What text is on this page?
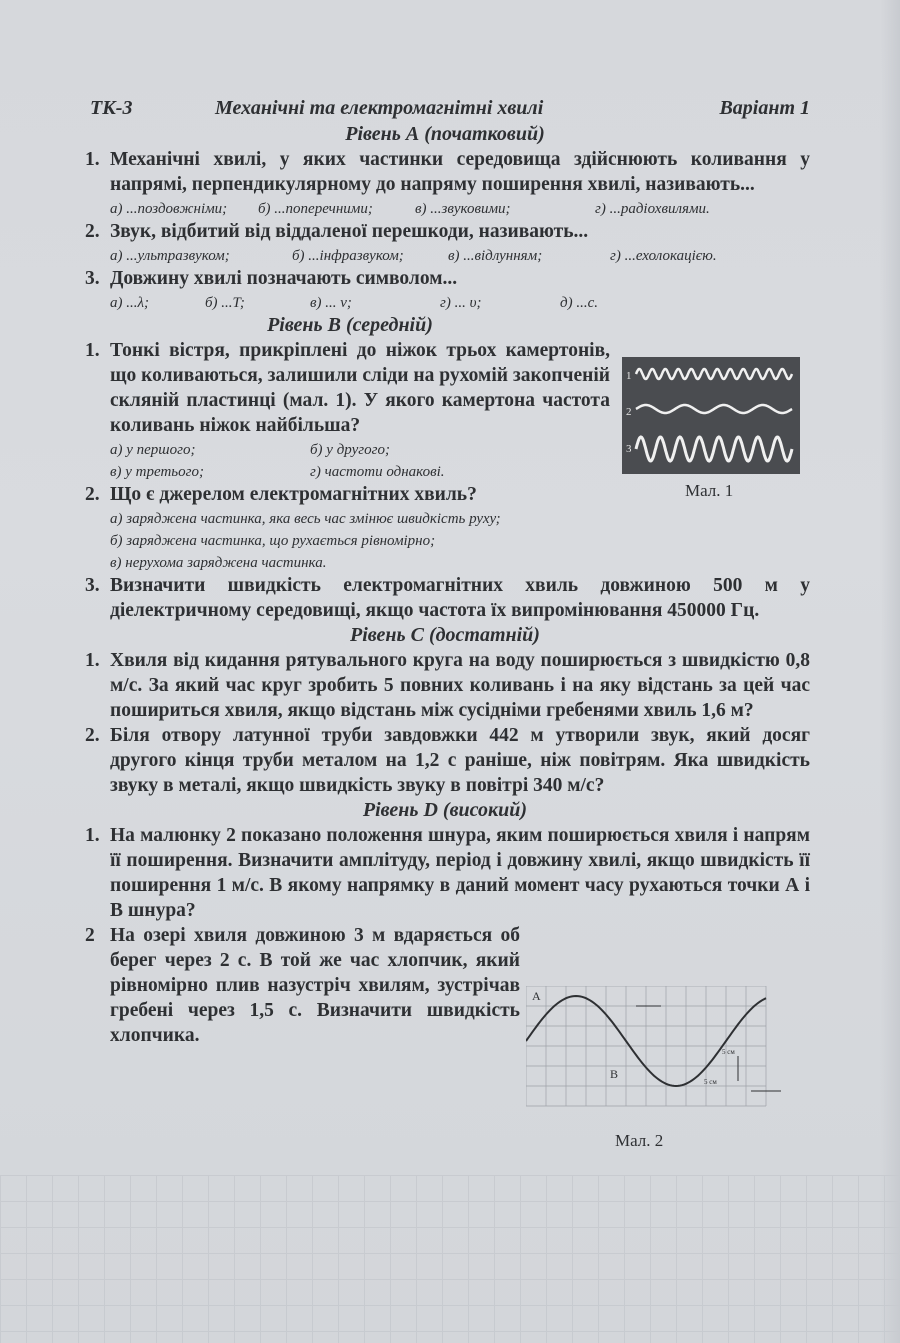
ТК-3	Механічні та електромагнітні хвилі	Варіант 1
Рівень А (початковий)
1. Механічні хвилі, у яких частинки середовища здійснюють коливання у напрямі, перпендикулярному до напряму поширення хвилі, називають...
а) ...поздовжніми; б) ...поперечними;	в) ...звуковими;	г) ...радіохвилями.
2. Звук, відбитий від віддаленої перешкоди, називають...
а) ...ультразвуком;	б) ...інфразвуком;	в) ...відлунням;	г) ...ехолокацією.
3. Довжину хвилі позначають символом...
а) ...λ;	б) ...T;	в) ... v;	г) ... υ;	д) ...c.
Рівень В (середній)
1. Тонкі вістря, прикріплені до ніжок трьох камертонів, що коливаються, залишили сліди на рухомій закопченій скляній пластинці (мал. 1). У якого камертона частота коливань ніжок найбільша?
а) у першого;	б) у другого;
в) у третього;	г) частоти однакові.
2. Що є джерелом електромагнітних хвиль?
а) заряджена частинка, яка весь час змінює швидкість руху;
б) заряджена частинка, що рухається рівномірно;
в) нерухома заряджена частинка.
3. Визначити швидкість електромагнітних хвиль довжиною 500 м у діелектричному середовищі, якщо частота їх випромінювання 450000 Гц.
Рівень С (достатній)
1. Хвиля від кидання рятувального круга на воду поширюється з швидкістю 0,8 м/с. За який час круг зробить 5 повних коливань і на яку відстань за цей час пошириться хвиля, якщо відстань між сусідніми гребенями хвиль 1,6 м?
2. Біля отвору латунної труби завдовжки 442 м утворили звук, який досяг другого кінця труби металом на 1,2 с раніше, ніж повітрям. Яка швидкість звуку в металі, якщо швидкість звуку в повітрі 340 м/с?
Рівень D (високий)
1. На малюнку 2 показано положення шнура, яким поширюється хвиля і напрям її поширення. Визначити амплітуду, період і довжину хвилі, якщо швидкість її поширення 1 м/с. В якому напрямку в даний момент часу рухаються точки А і В шнура?
2 На озері хвиля довжиною 3 м вдаряється об берег через 2 с. В той же час хлопчик, який рівномірно плив назустріч хвилям, зустрічав гребені через 1,5 с. Визначити швидкість хлопчика.
1
2
3
Мал. 1
A
B
5 см
5 см
Мал. 2
